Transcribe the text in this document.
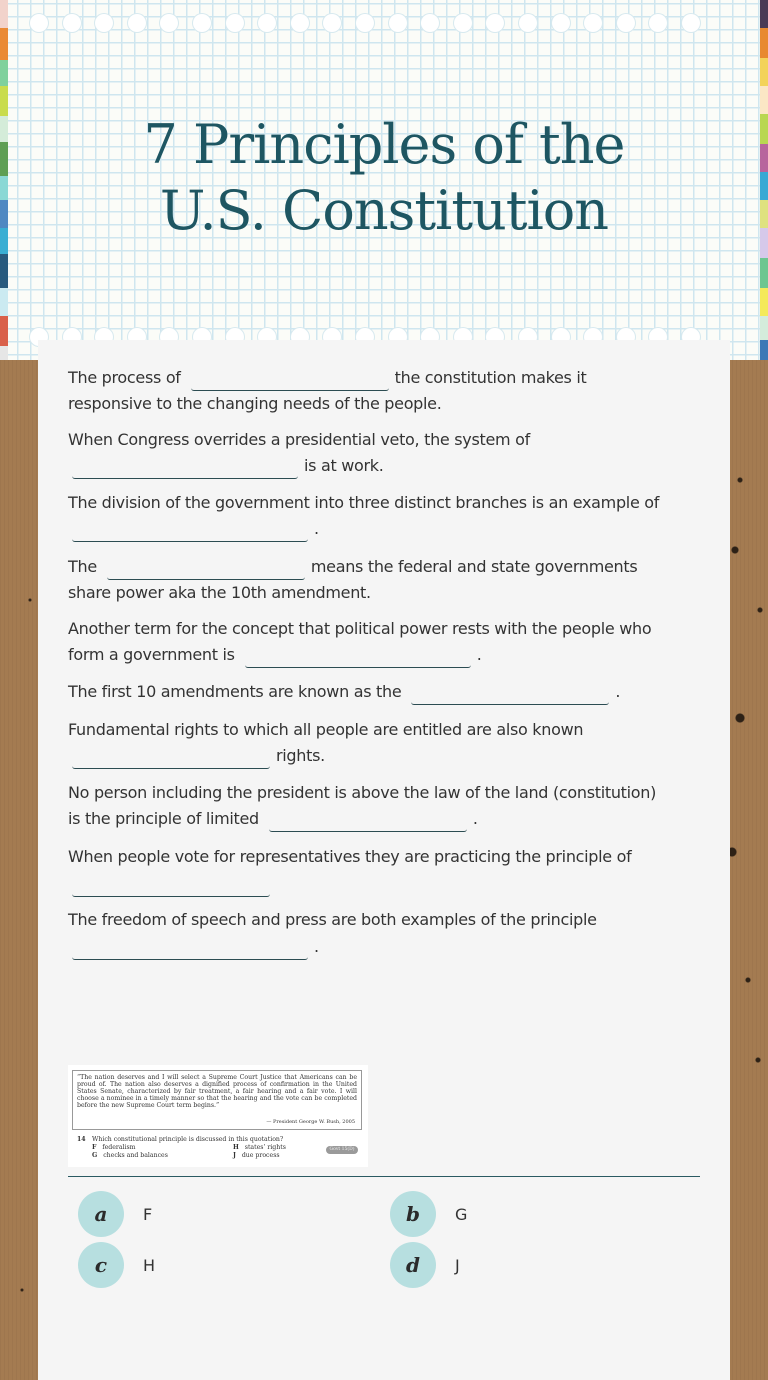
7 Principles of the
U.S. Constitution
The process of	the constitution makes it
responsive to the changing needs of the people.
When Congress overrides a presidential veto, the system of
is at work.
The division of the government into three distinct branches is an example of
.
The	means the federal and state governments
share power aka the 10th amendment.
Another term for the concept that political power rests with the people who
form a government is	.
The first 10 amendments are known as the	.
Fundamental rights to which all people are entitled are also known
rights.
No person including the president is above the law of the land (constitution)
is the principle of limited	.
When people vote for representatives they are practicing the principle of

The freedom of speech and press are both examples of the principle
.
“The nation deserves and I will select a Supreme Court Justice that Americans can be proud of. The nation also deserves a dignified process of confirmation in the United States Senate, characterized by fair treatment, a fair hearing and a fair vote. I will choose a nominee in a timely manner so that the hearing and the vote can be completed before the new Supreme Court term begins.”
— President George W. Bush, 2005
14 Which constitutional principle is discussed in this quotation?
F federalism
G checks and balances
H states’ rights
J due process
Govt 15(D)
a	F	b	G
c	H	d	J
